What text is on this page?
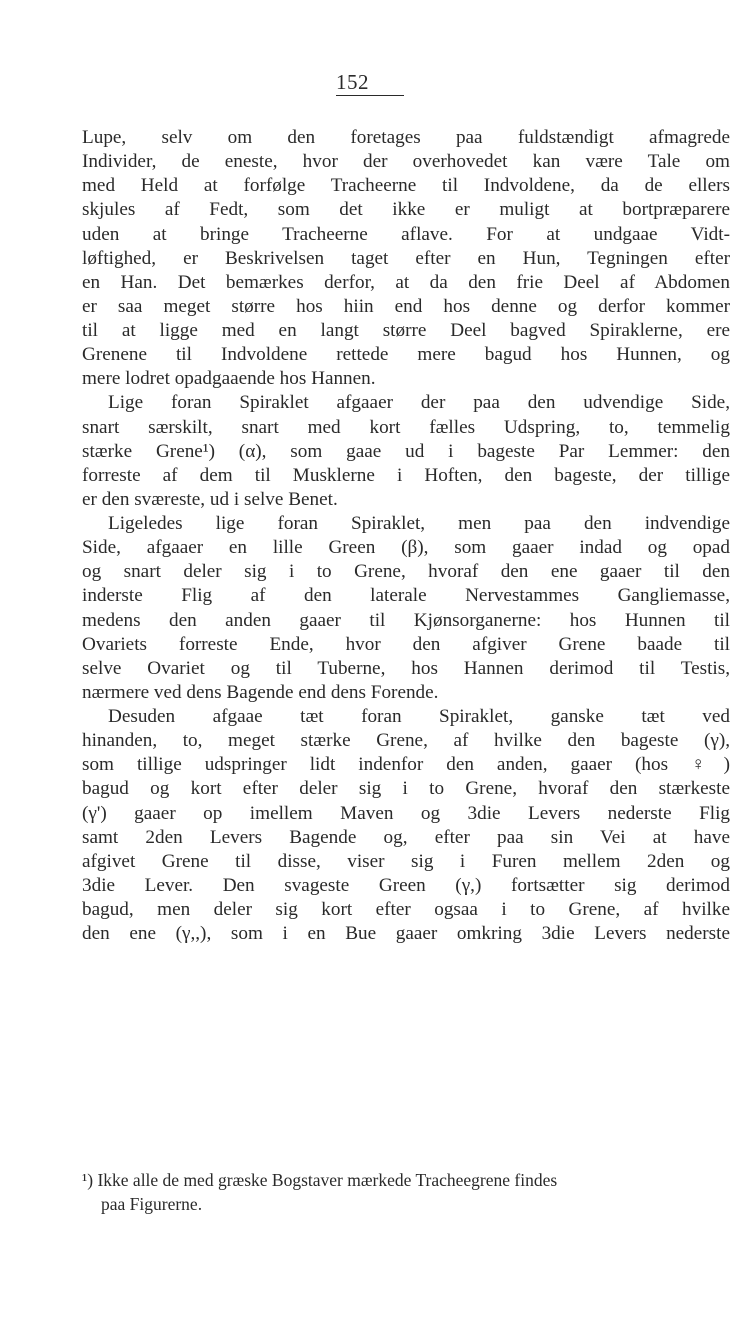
152
Lupe, selv om den foretages paa fuldstændigt afmagrede
Individer, de eneste, hvor der overhovedet kan være Tale om
med Held at forfølge Tracheerne til Indvoldene, da de ellers
skjules af Fedt, som det ikke er muligt at bortpræparere
uden at bringe Tracheerne aflave. For at undgaae Vidt-
løftighed, er Beskrivelsen taget efter en Hun, Tegningen efter
en Han. Det bemærkes derfor, at da den frie Deel af Abdomen
er saa meget større hos hiin end hos denne og derfor kommer
til at ligge med en langt større Deel bagved Spiraklerne, ere
Grenene til Indvoldene rettede mere bagud hos Hunnen, og
mere lodret opadgaaende hos Hannen.
Lige foran Spiraklet afgaaer der paa den udvendige Side,
snart særskilt, snart med kort fælles Udspring, to, temmelig
stærke Grene¹) (α), som gaae ud i bageste Par Lemmer: den
forreste af dem til Musklerne i Hoften, den bageste, der tillige
er den sværeste, ud i selve Benet.
Ligeledes lige foran Spiraklet, men paa den indvendige
Side, afgaaer en lille Green (β), som gaaer indad og opad
og snart deler sig i to Grene, hvoraf den ene gaaer til den
inderste Flig af den laterale Nervestammes Gangliemasse,
medens den anden gaaer til Kjønsorganerne: hos Hunnen til
Ovariets forreste Ende, hvor den afgiver Grene baade til
selve Ovariet og til Tuberne, hos Hannen derimod til Testis,
nærmere ved dens Bagende end dens Forende.
Desuden afgaae tæt foran Spiraklet, ganske tæt ved
hinanden, to, meget stærke Grene, af hvilke den bageste (γ),
som tillige udspringer lidt indenfor den anden, gaaer (hos ♀)
bagud og kort efter deler sig i to Grene, hvoraf den stærkeste
(γ') gaaer op imellem Maven og 3die Levers nederste Flig
samt 2den Levers Bagende og, efter paa sin Vei at have
afgivet Grene til disse, viser sig i Furen mellem 2den og
3die Lever. Den svageste Green (γ,) fortsætter sig derimod
bagud, men deler sig kort efter ogsaa i to Grene, af hvilke
den ene (γ,,), som i en Bue gaaer omkring 3die Levers nederste
¹) Ikke alle de med græske Bogstaver mærkede Tracheegrene findes
paa Figurerne.
